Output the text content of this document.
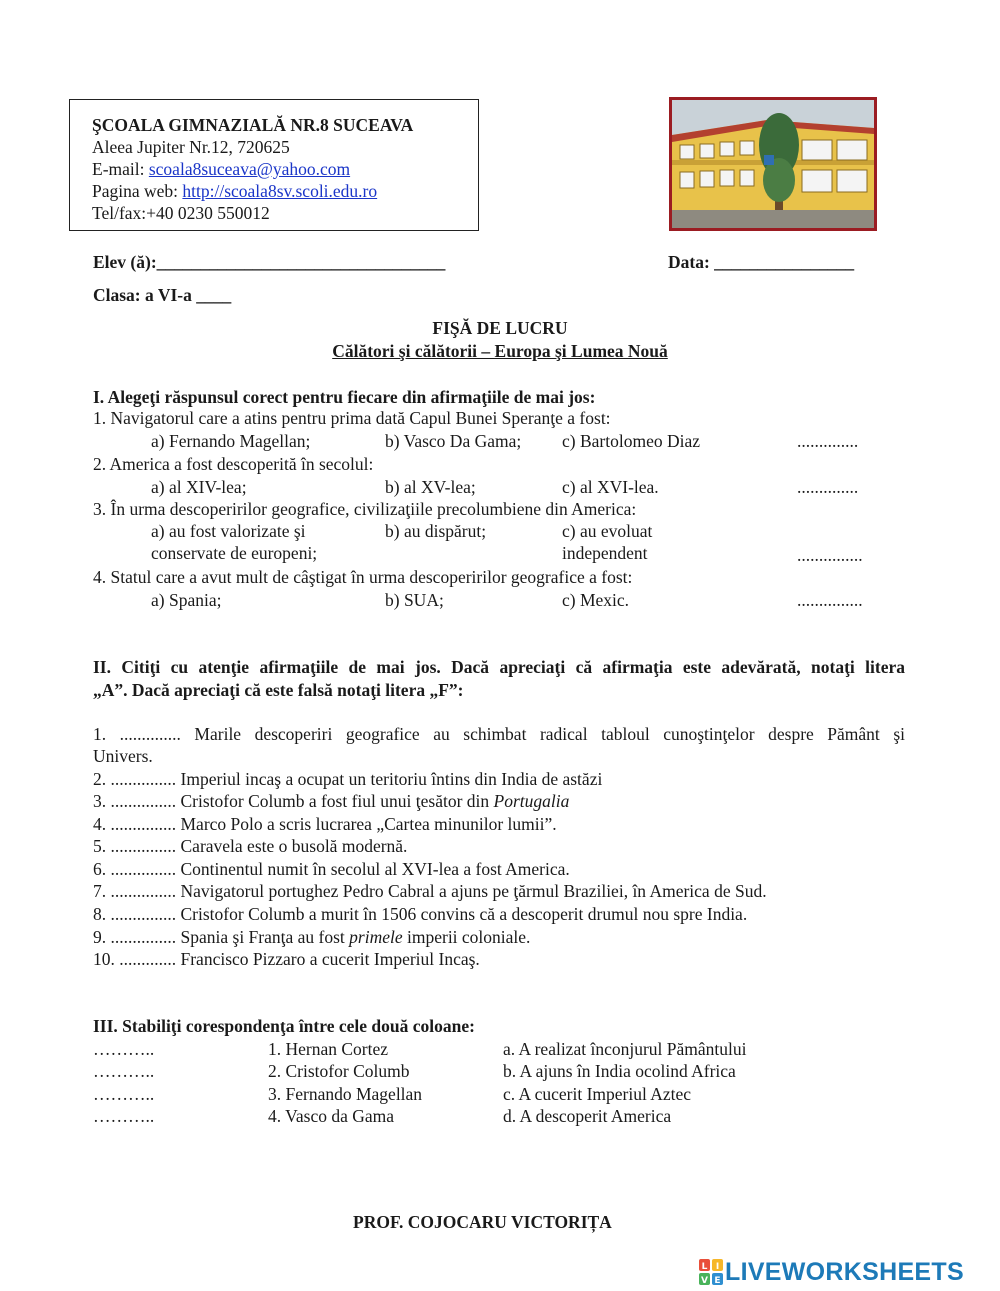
ŞCOALA GIMNAZIALĂ NR.8 SUCEAVA
Aleea Jupiter Nr.12, 720625
E-mail: scoala8suceava@yahoo.com
Pagina web: http://scoala8sv.scoli.edu.ro
Tel/fax:+40 0230 550012
Elev (ă):_________________________________	Data: ________________
Clasa: a VI-a ____
FIŞĂ DE LUCRU
Călători şi călătorii – Europa şi Lumea Nouă
I. Alegeţi răspunsul corect pentru fiecare din afirmaţiile de mai jos:
1. Navigatorul care a atins pentru prima dată Capul Bunei Speranţe a fost:
a) Fernando Magellan;	b) Vasco Da Gama; c) Bartolomeo Diaz	..............
2. America a fost descoperită în secolul:
a) al XIV-lea;	b) al XV-lea;	c) al XVI-lea.	..............
3. În urma descoperirilor geografice, civilizaţiile precolumbiene din America:
a) au fost valorizate şi
conservate de europeni;
b) au dispărut;	c) au evoluat
independent	...............
4. Statul care a avut mult de câştigat în urma descoperirilor geografice a fost:
a) Spania;	b) SUA;	c) Mexic.	...............
II. Citiţi cu atenţie afirmaţiile de mai jos. Dacă apreciaţi că afirmaţia este adevărată, notaţi litera
„A”. Dacă apreciaţi că este falsă notaţi litera „F”:
1. .............. Marile descoperiri geografice au schimbat radical tabloul cunoştinţelor despre Pământ şi
Univers.
2. ............... Imperiul incaş a ocupat un teritoriu întins din India de astăzi
3. ............... Cristofor Columb a fost fiul unui ţesător din Portugalia
4. ............... Marco Polo a scris lucrarea „Cartea minunilor lumii”.
5. ............... Caravela este o busolă modernă.
6. ............... Continentul numit în secolul al XVI-lea a fost America.
7. ............... Navigatorul portughez Pedro Cabral a ajuns pe ţărmul Braziliei, în America de Sud.
8. ............... Cristofor Columb a murit în 1506 convins că a descoperit drumul nou spre India.
9. ............... Spania şi Franţa au fost primele imperii coloniale.
10. ............. Francisco Pizzaro a cucerit Imperiul Incaş.
III. Stabiliţi corespondenţa între cele două coloane:
………..	1. Hernan Cortez	a. A realizat înconjurul Pământului
………..	2. Cristofor Columb	b. A ajuns în India ocolind Africa
………..	3. Fernando Magellan	c. A cucerit Imperiul Aztec
………..	4. Vasco da Gama	d. A descoperit America
PROF. COJOCARU VICTORIȚA
L I
V E LIVEWORKSHEETS
